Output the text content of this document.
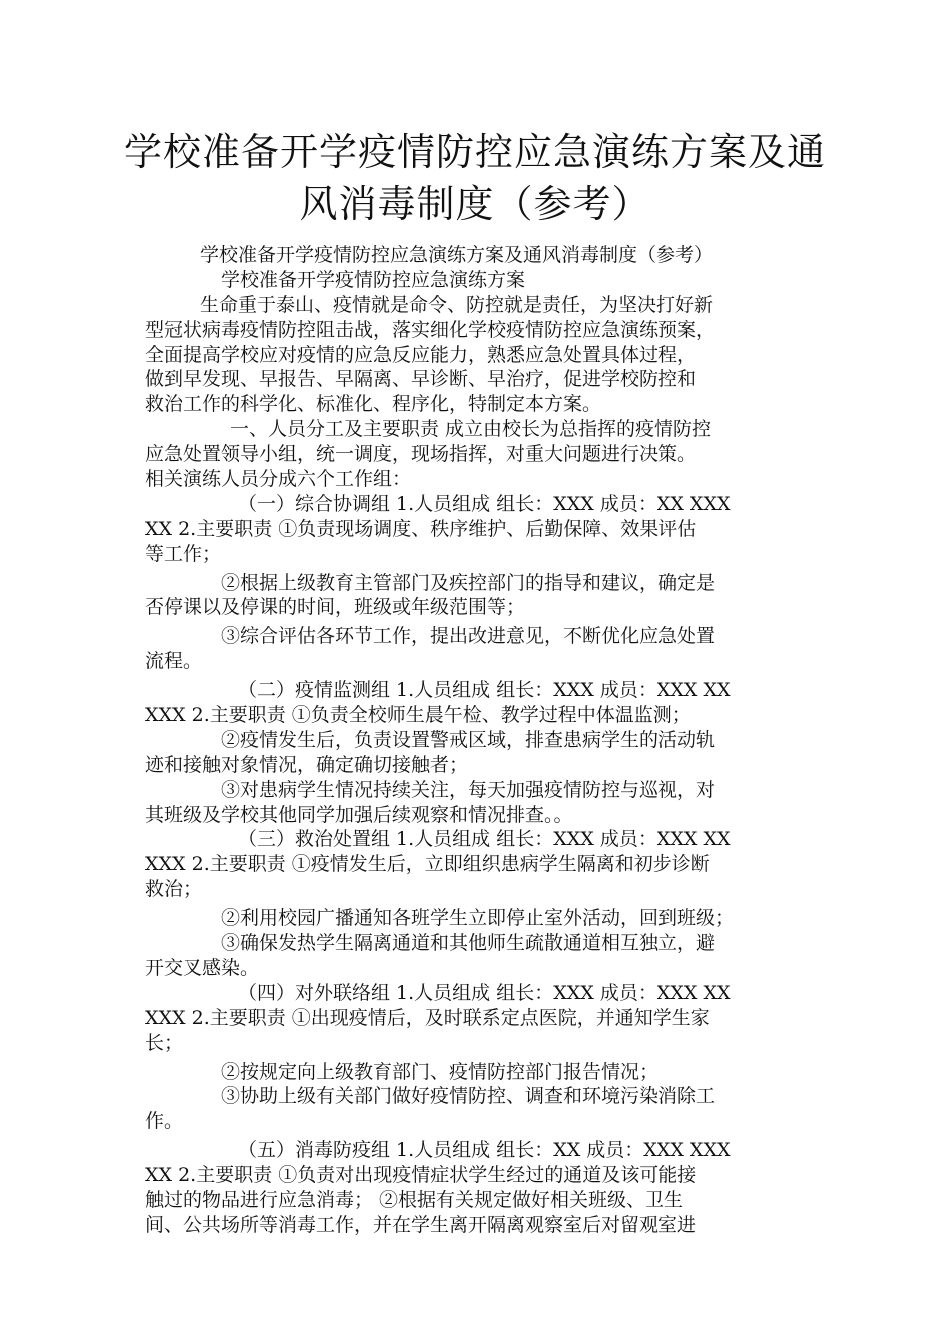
学校准备开学疫情防控应急演练方案及通
风消毒制度（参考）
学校准备开学疫情防控应急演练方案及通风消毒制度（参考）
学校准备开学疫情防控应急演练方案
生命重于泰山、疫情就是命令、防控就是责任，为坚决打好新
型冠状病毒疫情防控阻击战，落实细化学校疫情防控应急演练预案，
全面提高学校应对疫情的应急反应能力，熟悉应急处置具体过程，
做到早发现、早报告、早隔离、早诊断、早治疗，促进学校防控和
救治工作的科学化、标准化、程序化，特制定本方案。
一、人员分工及主要职责 成立由校长为总指挥的疫情防控
应急处置领导小组，统一调度，现场指挥，对重大问题进行决策。
相关演练人员分成六个工作组：
（一）综合协调组 1.人员组成 组长：XXX 成员：XX XXX
XX 2.主要职责 ①负责现场调度、秩序维护、后勤保障、效果评估
等工作；
②根据上级教育主管部门及疾控部门的指导和建议，确定是
否停课以及停课的时间，班级或年级范围等；
③综合评估各环节工作，提出改进意见，不断优化应急处置
流程。
（二）疫情监测组 1.人员组成 组长：XXX 成员：XXX XX
XXX 2.主要职责 ①负责全校师生晨午检、教学过程中体温监测；
②疫情发生后，负责设置警戒区域，排查患病学生的活动轨
迹和接触对象情况，确定确切接触者；
③对患病学生情况持续关注，每天加强疫情防控与巡视，对
其班级及学校其他同学加强后续观察和情况排查。。
（三）救治处置组 1.人员组成 组长：XXX 成员：XXX XX
XXX 2.主要职责 ①疫情发生后，立即组织患病学生隔离和初步诊断
救治；
②利用校园广播通知各班学生立即停止室外活动，回到班级；
③确保发热学生隔离通道和其他师生疏散通道相互独立，避
开交叉感染。
（四）对外联络组 1.人员组成 组长：XXX 成员：XXX XX
XXX 2.主要职责 ①出现疫情后，及时联系定点医院，并通知学生家
长；
②按规定向上级教育部门、疫情防控部门报告情况；
③协助上级有关部门做好疫情防控、调查和环境污染消除工
作。
（五）消毒防疫组 1.人员组成 组长：XX 成员：XXX XXX
XX 2.主要职责 ①负责对出现疫情症状学生经过的通道及该可能接
触过的物品进行应急消毒； ②根据有关规定做好相关班级、卫生
间、公共场所等消毒工作，并在学生离开隔离观察室后对留观室进
